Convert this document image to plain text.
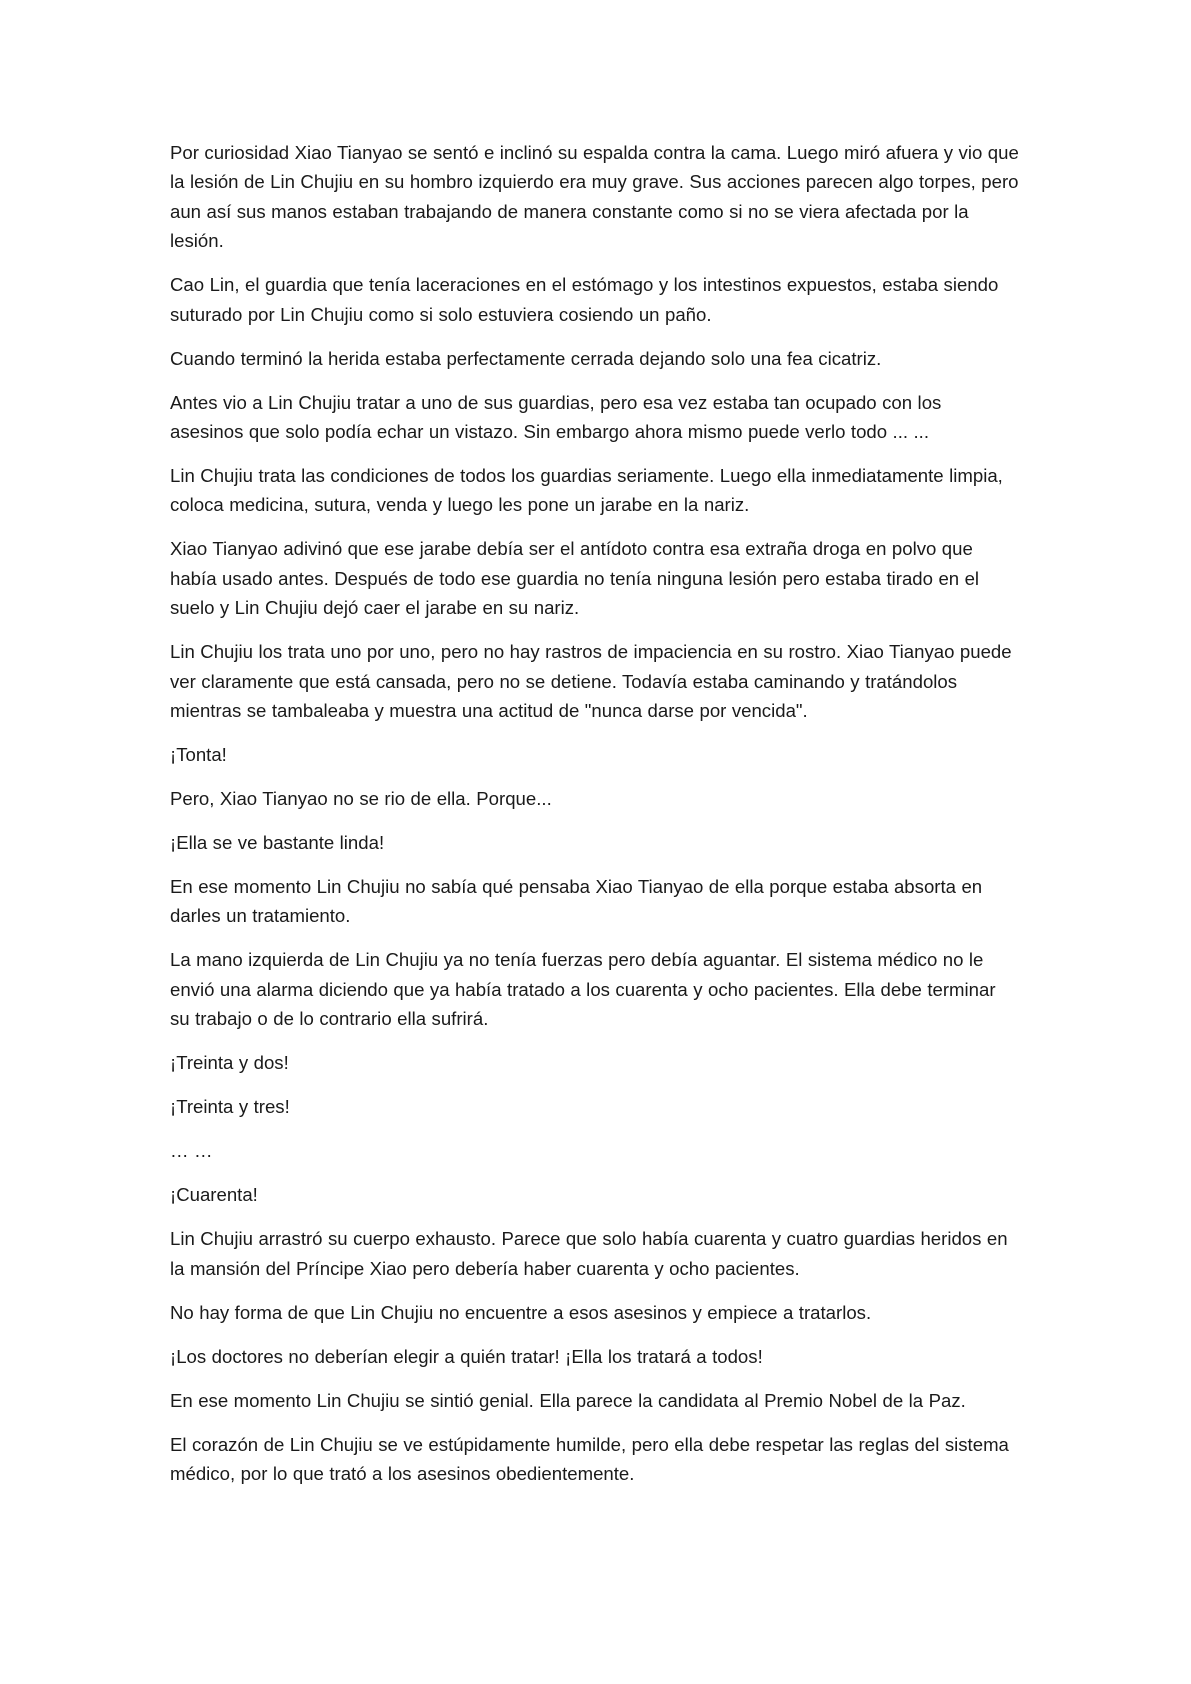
Por curiosidad Xiao Tianyao se sentó e inclinó su espalda contra la cama. Luego miró afuera y vio que la lesión de Lin Chujiu en su hombro izquierdo era muy grave. Sus acciones parecen algo torpes, pero aun así sus manos estaban trabajando de manera constante como si no se viera afectada por la lesión.

Cao Lin, el guardia que tenía laceraciones en el estómago y los intestinos expuestos, estaba siendo suturado por Lin Chujiu como si solo estuviera cosiendo un paño.

Cuando terminó la herida estaba perfectamente cerrada dejando solo una fea cicatriz.

Antes vio a Lin Chujiu tratar a uno de sus guardias, pero esa vez estaba tan ocupado con los asesinos que solo podía echar un vistazo. Sin embargo ahora mismo puede verlo todo ... ...

Lin Chujiu trata las condiciones de todos los guardias seriamente. Luego ella inmediatamente limpia, coloca medicina, sutura, venda y luego les pone un jarabe en la nariz.

Xiao Tianyao adivinó que ese jarabe debía ser el antídoto contra esa extraña droga en polvo que había usado antes. Después de todo ese guardia no tenía ninguna lesión pero estaba tirado en el suelo y Lin Chujiu dejó caer el jarabe en su nariz.

Lin Chujiu los trata uno por uno, pero no hay rastros de impaciencia en su rostro. Xiao Tianyao puede ver claramente que está cansada, pero no se detiene. Todavía estaba caminando y tratándolos mientras se tambaleaba y muestra una actitud de "nunca darse por vencida".

¡Tonta!

Pero, Xiao Tianyao no se rio de ella. Porque...

¡Ella se ve bastante linda!

En ese momento Lin Chujiu no sabía qué pensaba Xiao Tianyao de ella porque estaba absorta en darles un tratamiento.

La mano izquierda de Lin Chujiu ya no tenía fuerzas pero debía aguantar. El sistema médico no le envió una alarma diciendo que ya había tratado a los cuarenta y ocho pacientes. Ella debe terminar su trabajo o de lo contrario ella sufrirá.

¡Treinta y dos!

¡Treinta y tres!

… …

¡Cuarenta!

Lin Chujiu arrastró su cuerpo exhausto. Parece que solo había cuarenta y cuatro guardias heridos en la mansión del Príncipe Xiao pero debería haber cuarenta y ocho pacientes.

No hay forma de que Lin Chujiu no encuentre a esos asesinos y empiece a tratarlos.

¡Los doctores no deberían elegir a quién tratar! ¡Ella los tratará a todos!

En ese momento Lin Chujiu se sintió genial. Ella parece la candidata al Premio Nobel de la Paz.

El corazón de Lin Chujiu se ve estúpidamente humilde, pero ella debe respetar las reglas del sistema médico, por lo que trató a los asesinos obedientemente.
